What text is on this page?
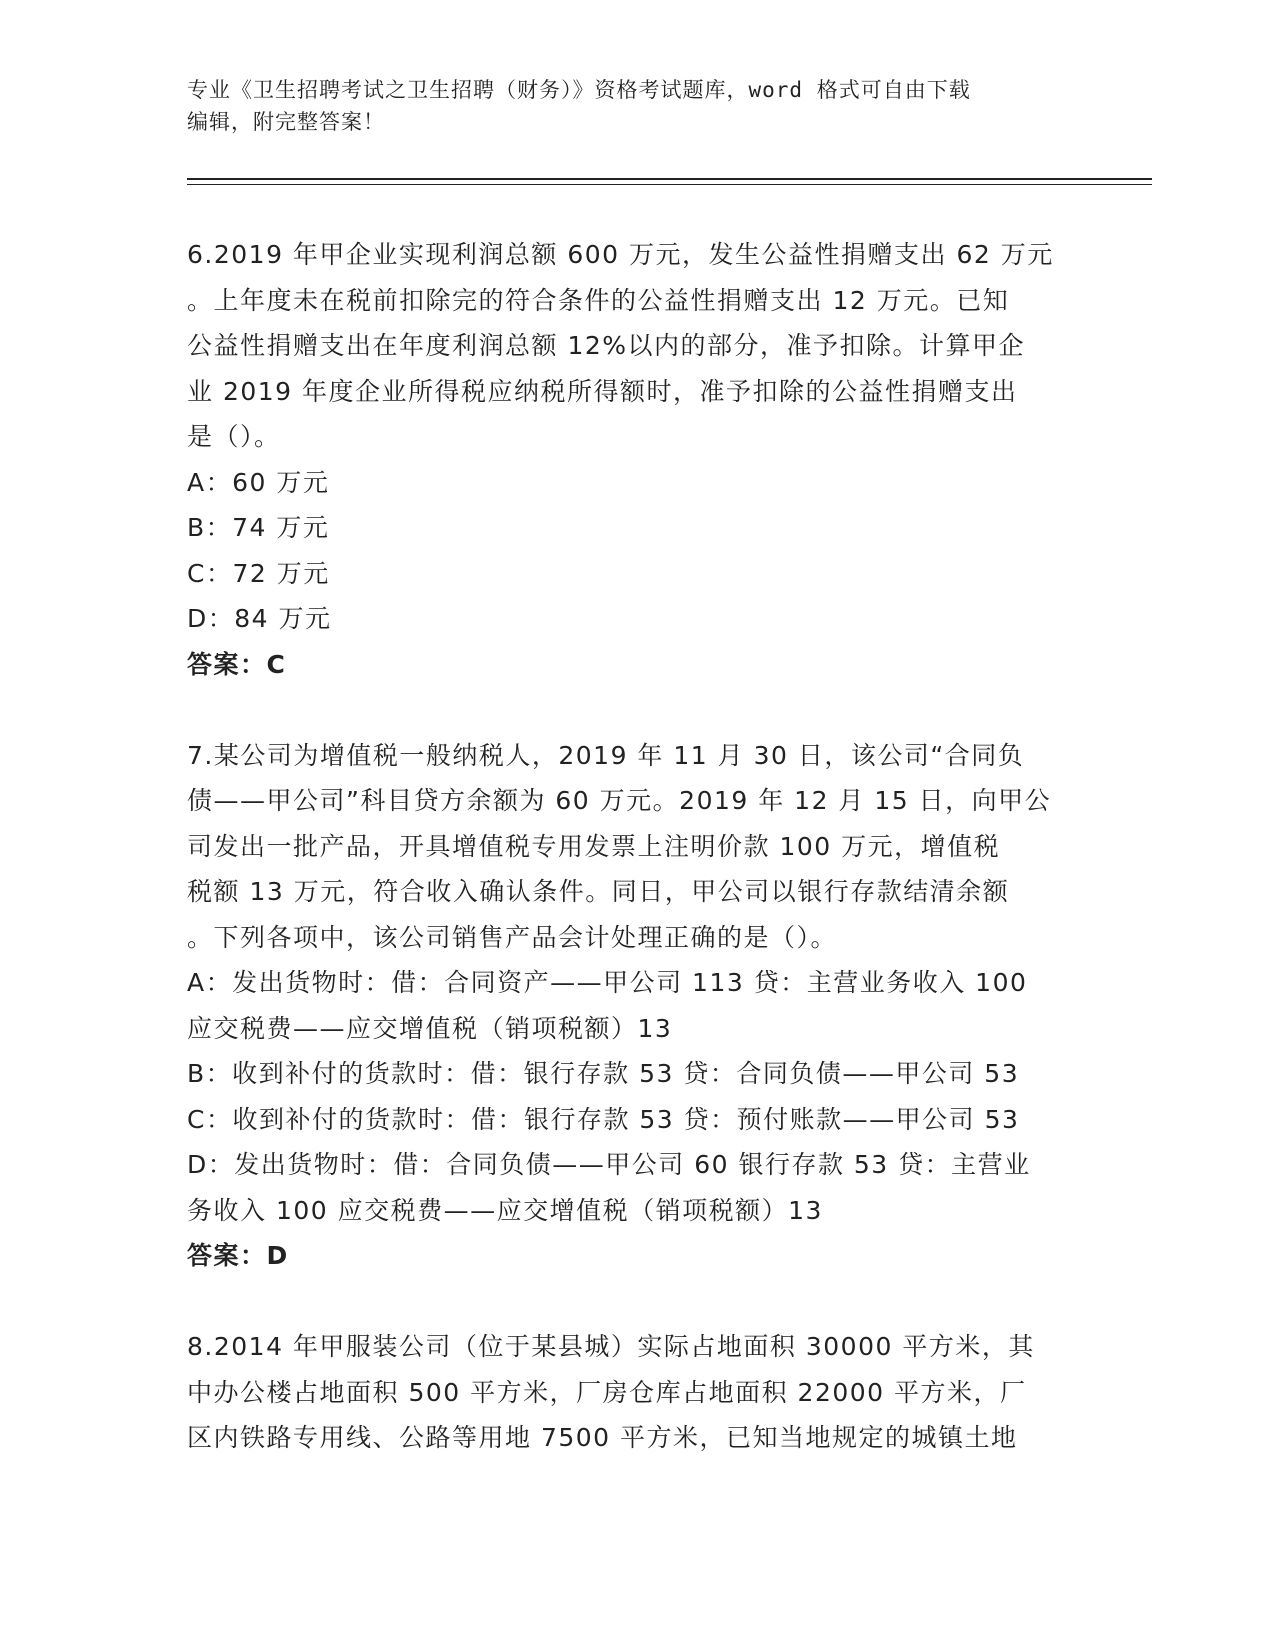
专业《卫生招聘考试之卫生招聘（财务）》资格考试题库，word 格式可自由下载
编辑，附完整答案！
6.2019 年甲企业实现利润总额 600 万元，发生公益性捐赠支出 62 万元
。上年度未在税前扣除完的符合条件的公益性捐赠支出 12 万元。已知
公益性捐赠支出在年度利润总额 12%以内的部分，准予扣除。计算甲企
业 2019 年度企业所得税应纳税所得额时，准予扣除的公益性捐赠支出
是（）。
A：60 万元
B：74 万元
C：72 万元
D：84 万元
答案：C
7.某公司为增值税一般纳税人，2019 年 11 月 30 日，该公司“合同负
债——甲公司”科目贷方余额为 60 万元。2019 年 12 月 15 日，向甲公
司发出一批产品，开具增值税专用发票上注明价款 100 万元，增值税
税额 13 万元，符合收入确认条件。同日，甲公司以银行存款结清余额
。下列各项中，该公司销售产品会计处理正确的是（）。
A：发出货物时：借：合同资产——甲公司 113 贷：主营业务收入 100
应交税费——应交增值税（销项税额）13
B：收到补付的货款时：借：银行存款 53 贷：合同负债——甲公司 53
C：收到补付的货款时：借：银行存款 53 贷：预付账款——甲公司 53
D：发出货物时：借：合同负债——甲公司 60 银行存款 53 贷：主营业
务收入 100 应交税费——应交增值税（销项税额）13
答案：D
8.2014 年甲服装公司（位于某县城）实际占地面积 30000 平方米，其
中办公楼占地面积 500 平方米，厂房仓库占地面积 22000 平方米，厂
区内铁路专用线、公路等用地 7500 平方米，已知当地规定的城镇土地
